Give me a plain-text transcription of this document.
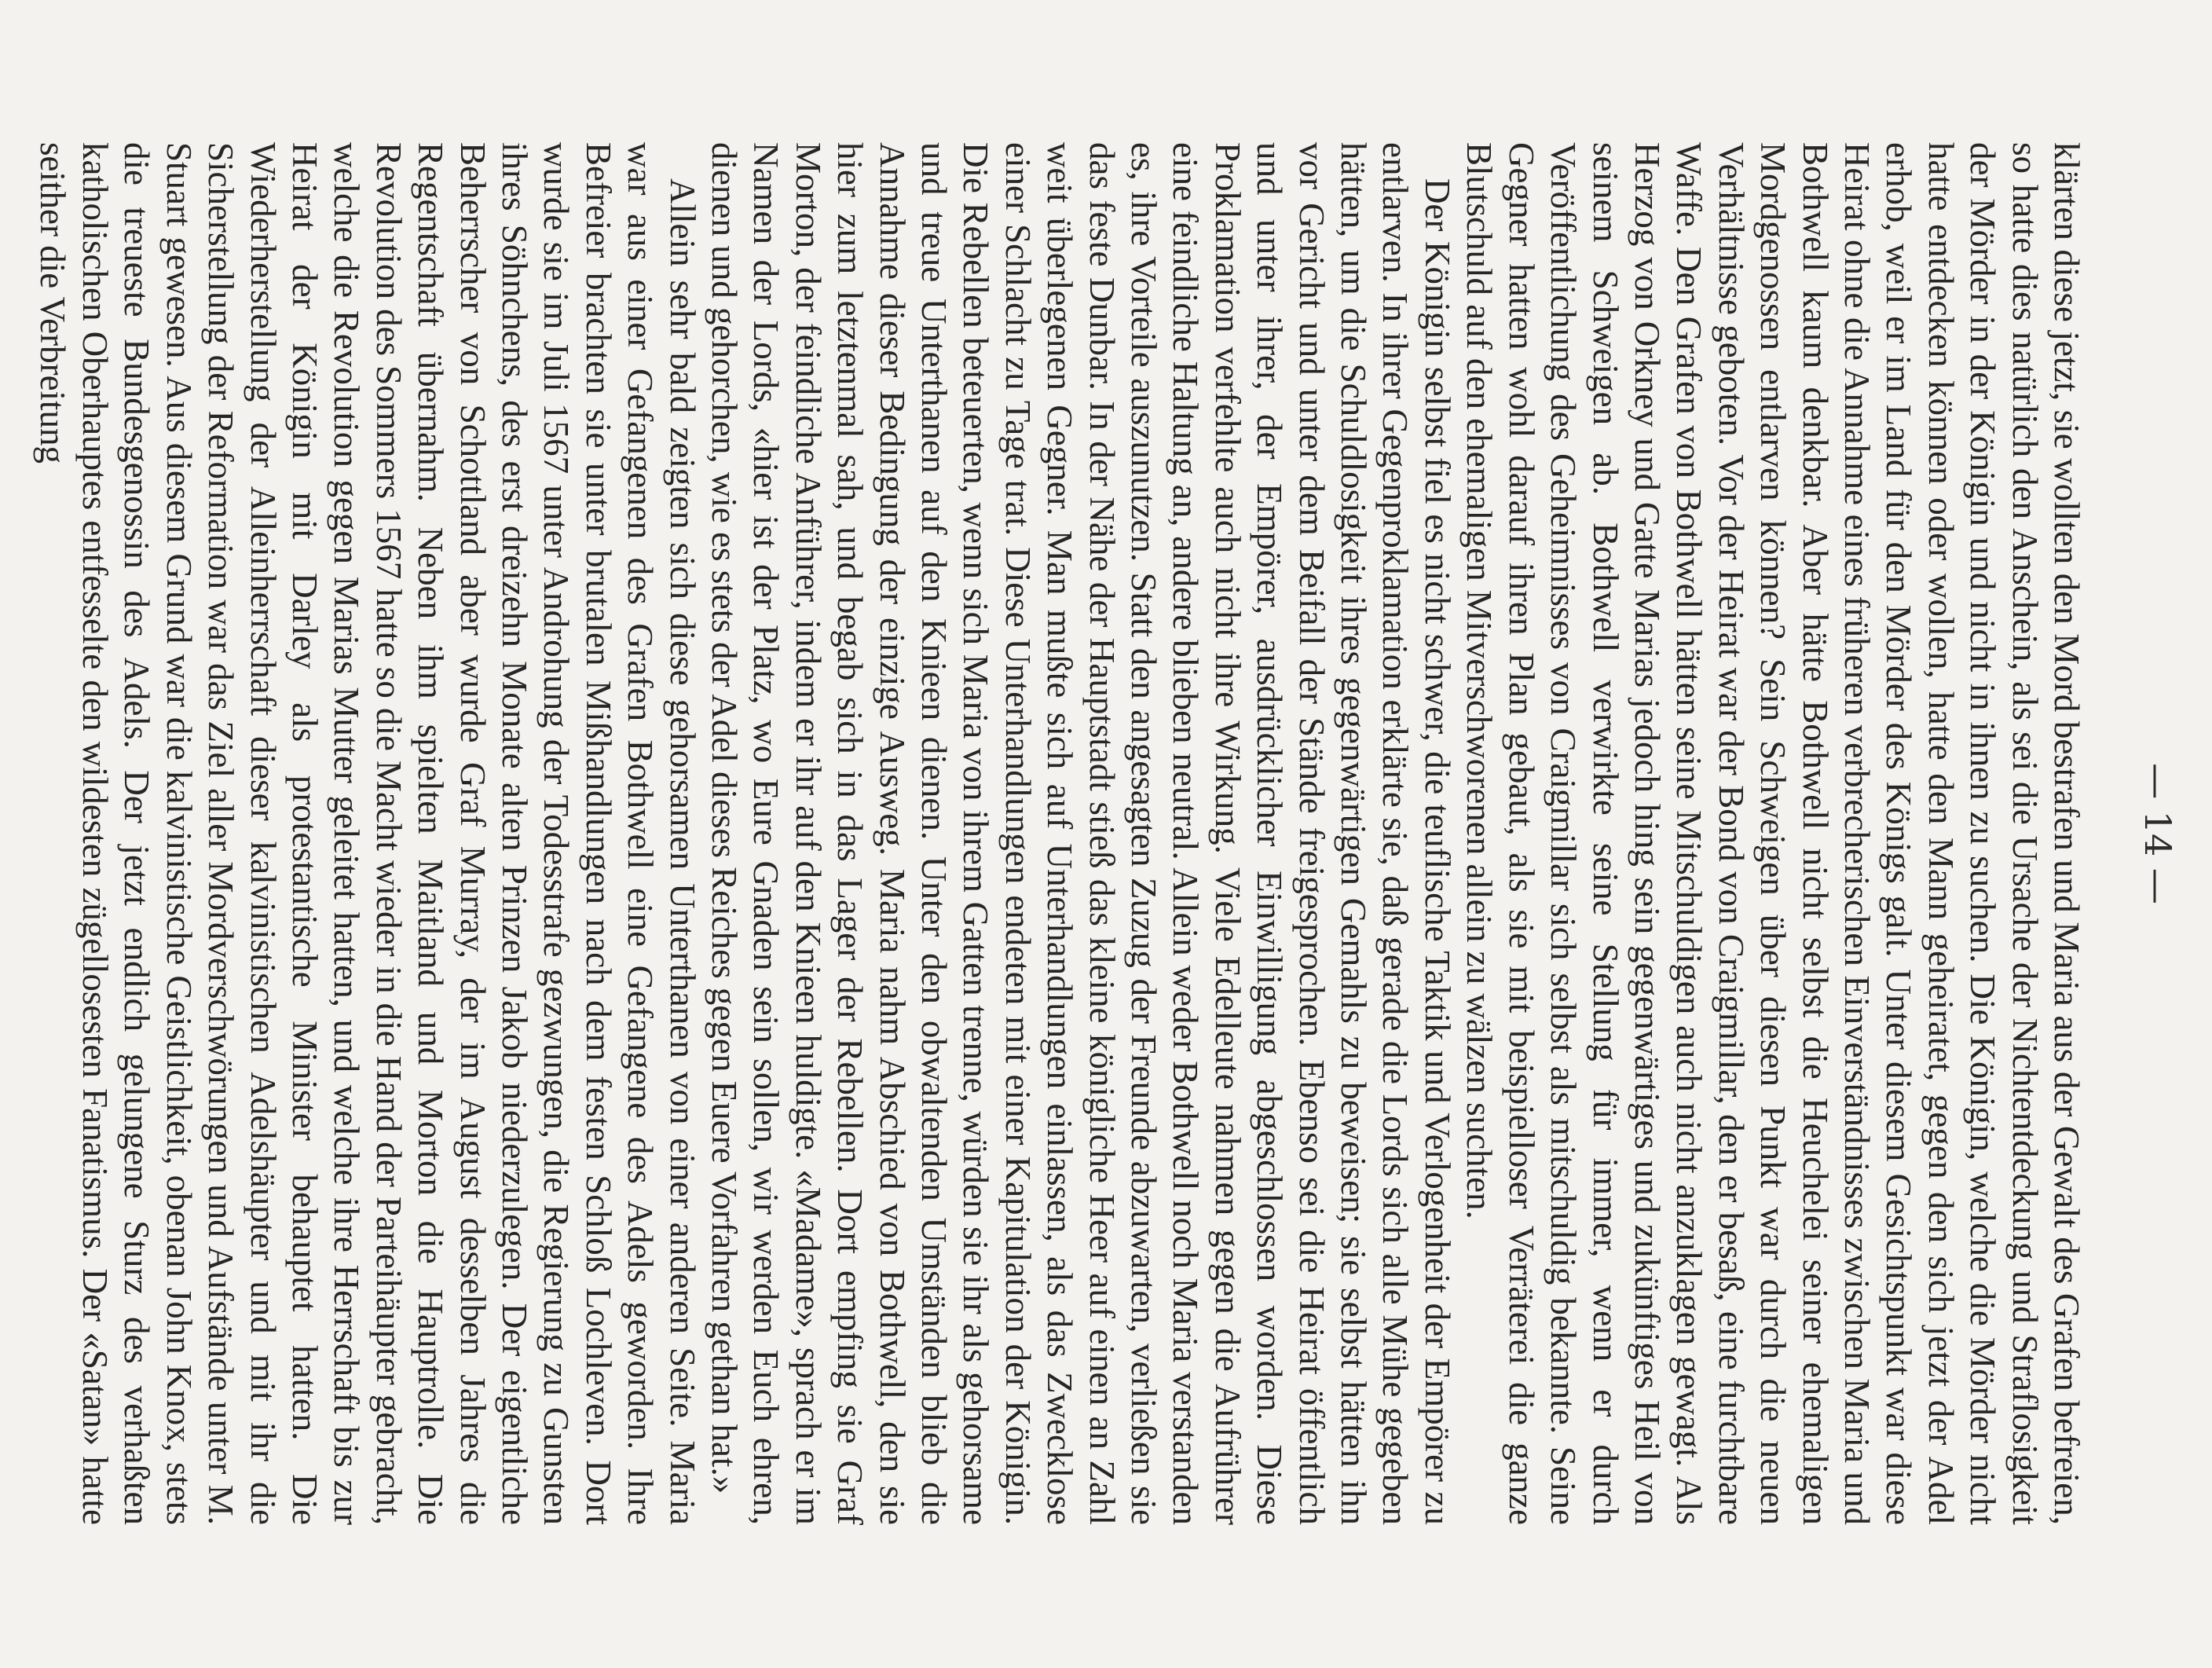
— 14 —

klärten diese jetzt, sie wollten den Mord bestrafen und Maria aus der Gewalt des Grafen befreien, so hatte dies natürlich den Anschein, als sei die Ursache der Nichtentdeckung und Straflosigkeit der Mörder in der Königin und nicht in ihnen zu suchen. Die Königin, welche die Mörder nicht hatte entdecken können oder wollen, hatte den Mann geheiratet, gegen den sich jetzt der Adel erhob, weil er im Land für den Mörder des Königs galt. Unter diesem Gesichtspunkt war diese Heirat ohne die Annahme eines früheren verbrecherischen Einverständnisses zwischen Maria und Bothwell kaum denkbar. Aber hätte Bothwell nicht selbst die Heuchelei seiner ehemaligen Mordgenossen entlarven können? Sein Schweigen über diesen Punkt war durch die neuen Verhältnisse geboten. Vor der Heirat war der Bond von Craigmillar, den er besaß, eine furchtbare Waffe. Den Grafen von Bothwell hätten seine Mitschuldigen auch nicht anzuklagen gewagt. Als Herzog von Orkney und Gatte Marias jedoch hing sein gegenwärtiges und zukünftiges Heil von seinem Schweigen ab. Bothwell verwirkte seine Stellung für immer, wenn er durch Veröffentlichung des Geheimnisses von Craigmillar sich selbst als mitschuldig bekannte. Seine Gegner hatten wohl darauf ihren Plan gebaut, als sie mit beispielloser Verräterei die ganze Blutschuld auf den ehemaligen Mitverschworenen allein zu wälzen suchten.

Der Königin selbst fiel es nicht schwer, die teuflische Taktik und Verlogenheit der Empörer zu entlarven. In ihrer Gegenproklamation erklärte sie, daß gerade die Lords sich alle Mühe gegeben hätten, um die Schuldlosigkeit ihres gegenwärtigen Gemahls zu beweisen; sie selbst hätten ihn vor Gericht und unter dem Beifall der Stände freigesprochen. Ebenso sei die Heirat öffentlich und unter ihrer, der Empörer, ausdrücklicher Einwilligung abgeschlossen worden. Diese Proklamation verfehlte auch nicht ihre Wirkung. Viele Edelleute nahmen gegen die Aufrührer eine feindliche Haltung an, andere blieben neutral. Allein weder Bothwell noch Maria verstanden es, ihre Vorteile auszunutzen. Statt den angesagten Zuzug der Freunde abzuwarten, verließen sie das feste Dunbar. In der Nähe der Hauptstadt stieß das kleine königliche Heer auf einen an Zahl weit überlegenen Gegner. Man mußte sich auf Unterhandlungen einlassen, als das Zwecklose einer Schlacht zu Tage trat. Diese Unterhandlungen endeten mit einer Kapitulation der Königin. Die Rebellen beteuerten, wenn sich Maria von ihrem Gatten trenne, würden sie ihr als gehorsame und treue Unterthanen auf den Knieen dienen. Unter den obwaltenden Umständen blieb die Annahme dieser Bedingung der einzige Ausweg. Maria nahm Abschied von Bothwell, den sie hier zum letztenmal sah, und begab sich in das Lager der Rebellen. Dort empfing sie Graf Morton, der feindliche Anführer, indem er ihr auf den Knieen huldigte. «Madame», sprach er im Namen der Lords, «hier ist der Platz, wo Eure Gnaden sein sollen, wir werden Euch ehren, dienen und gehorchen, wie es stets der Adel dieses Reiches gegen Euere Vorfahren gethan hat.»

Allein sehr bald zeigten sich diese gehorsamen Unterthanen von einer anderen Seite. Maria war aus einer Gefangenen des Grafen Bothwell eine Gefangene des Adels geworden. Ihre Befreier brachten sie unter brutalen Mißhandlungen nach dem festen Schloß Lochleven. Dort wurde sie im Juli 1567 unter Androhung der Todesstrafe gezwungen, die Regierung zu Gunsten ihres Söhnchens, des erst dreizehn Monate alten Prinzen Jakob niederzulegen. Der eigentliche Beherrscher von Schottland aber wurde Graf Murray, der im August desselben Jahres die Regentschaft übernahm. Neben ihm spielten Maitland und Morton die Hauptrolle. Die Revolution des Sommers 1567 hatte so die Macht wieder in die Hand der Parteihäupter gebracht, welche die Revolution gegen Marias Mutter geleitet hatten, und welche ihre Herrschaft bis zur Heirat der Königin mit Darley als protestantische Minister behauptet hatten. Die Wiederherstellung der Alleinherrschaft dieser kalvinistischen Adelshäupter und mit ihr die Sicherstellung der Reformation war das Ziel aller Mordverschwörungen und Aufstände unter M. Stuart gewesen. Aus diesem Grund war die kalvinistische Geistlichkeit, obenan John Knox, stets die treueste Bundesgenossin des Adels. Der jetzt endlich gelungene Sturz des verhaßten katholischen Oberhauptes entfesselte den wildesten zügellosesten Fanatismus. Der «Satan» hatte seither die Verbreitung
